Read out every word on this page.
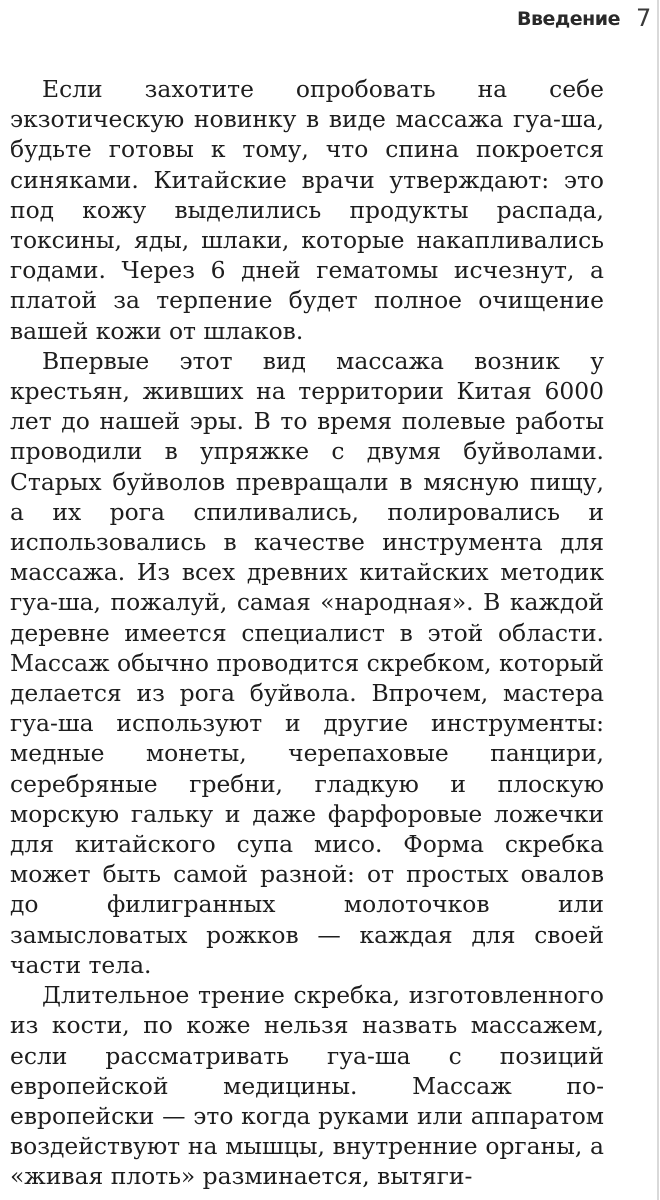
Введение 7

Если захотите опробовать на себе экзотическую новинку в виде массажа гуа-ша, будьте готовы к тому, что спина покроется синяками. Китайские врачи утверждают: это под кожу выделились продукты распада, токсины, яды, шлаки, которые накапливались годами. Через 6 дней гематомы исчезнут, а платой за терпение будет полное очищение вашей кожи от шлаков.

Впервые этот вид массажа возник у крестьян, живших на территории Китая 6000 лет до нашей эры. В то время полевые работы проводили в упряжке с двумя буйволами. Старых буйволов превращали в мясную пищу, а их рога спиливались, полировались и использовались в качестве инструмента для массажа. Из всех древних китайских методик гуа-ша, пожалуй, самая «народная». В каждой деревне имеется специалист в этой области. Массаж обычно проводится скребком, который делается из рога буйвола. Впрочем, мастера гуа-ша используют и другие инструменты: медные монеты, черепаховые панцири, серебряные гребни, гладкую и плоскую морскую гальку и даже фарфоровые ложечки для китайского супа мисо. Форма скребка может быть самой разной: от простых овалов до филигранных молоточков или замысловатых рожков — каждая для своей части тела.

Длительное трение скребка, изготовленного из кости, по коже нельзя назвать массажем, если рассматривать гуа-ша с позиций европейской медицины. Массаж по-европейски — это когда руками или аппаратом воздействуют на мышцы, внутренние органы, а «живая плоть» разминается, вытяги-
